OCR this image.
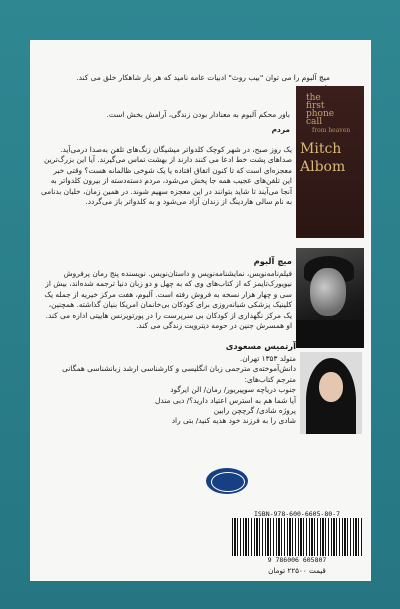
میچ آلبوم را می توان "بیب روث" ادبیات عامه نامید که هر بار شاهکار خلق می کند.
باور محکم آلبوم به معنادار بودن زندگی، آرامش بخش است.
مردم
یک روز صبح، در شهر کوچک کلدواتر میشیگان زنگ‌های تلفن به‌صدا درمی‌آید.
صداهای پشت خط ادعا می کنند دارند از بهشت تماس می‌گیرند. آیا این بزرگ‌ترین
معجزه‌ای است که تا کنون اتفاق افتاده یا یک شوخی ظالمانه هست؟ وقتی خبر
این تلفن‌های عجیب همه جا پخش می‌شود، مردم دسته‌دسته از بیرون کلدواتر به
آنجا می‌آیند تا شاید بتوانند در این معجزه سهیم شوند. در همین زمان، خلبان بدنامی
به نام سالی هاردینگ از زندان آزاد می‌شود و به کلدواتر باز می‌گردد.
the
first
phone
call
from heaven
Mitch
Albom
میچ آلبوم
فیلم‌نامه‌نویس، نمایشنامه‌نویس و داستان‌نویس. نویسنده پنج رمان پرفروش
نیویورک‌تایمز که از کتاب‌های وی که به چهل و دو زبان دنیا ترجمه شده‌اند، بیش از
سی و چهار هزار نسخه به فروش رفته است. آلبوم، هفت مرکز خیریه از جمله یک
کلینیک پزشکی شبانه‌روزی برای کودکان بی‌خانمان امریکا بنیان گذاشته. همچنین،
یک مرکز نگهداری از کودکان بی سرپرست را در پورتوپرنس هاییتی اداره می کند.
او همسرش جنین در حومه دیترویت زندگی می کند.
آرتمیس مسعودی
متولد ۱۳۵۳ تهران.
دانش‌آموخته‌ی مترجمی زبان انگلیسی و کارشناسی ارشد زبانشناسی همگانی
مترجم کتاب‌های:
جنوب دریاچه سوپیریور/ رمان/ الن ایرگود
آیا شما هم به استرس اعتیاد دارید؟/ دبی مندل
پروژه شادی/ گرچچن رابین
شادی را به فرزند خود هدیه کنید/ بتی راد
ISBN-978-600-6605-80-7
9 786006 605807
قیمت ۲۲۵۰۰ تومان
